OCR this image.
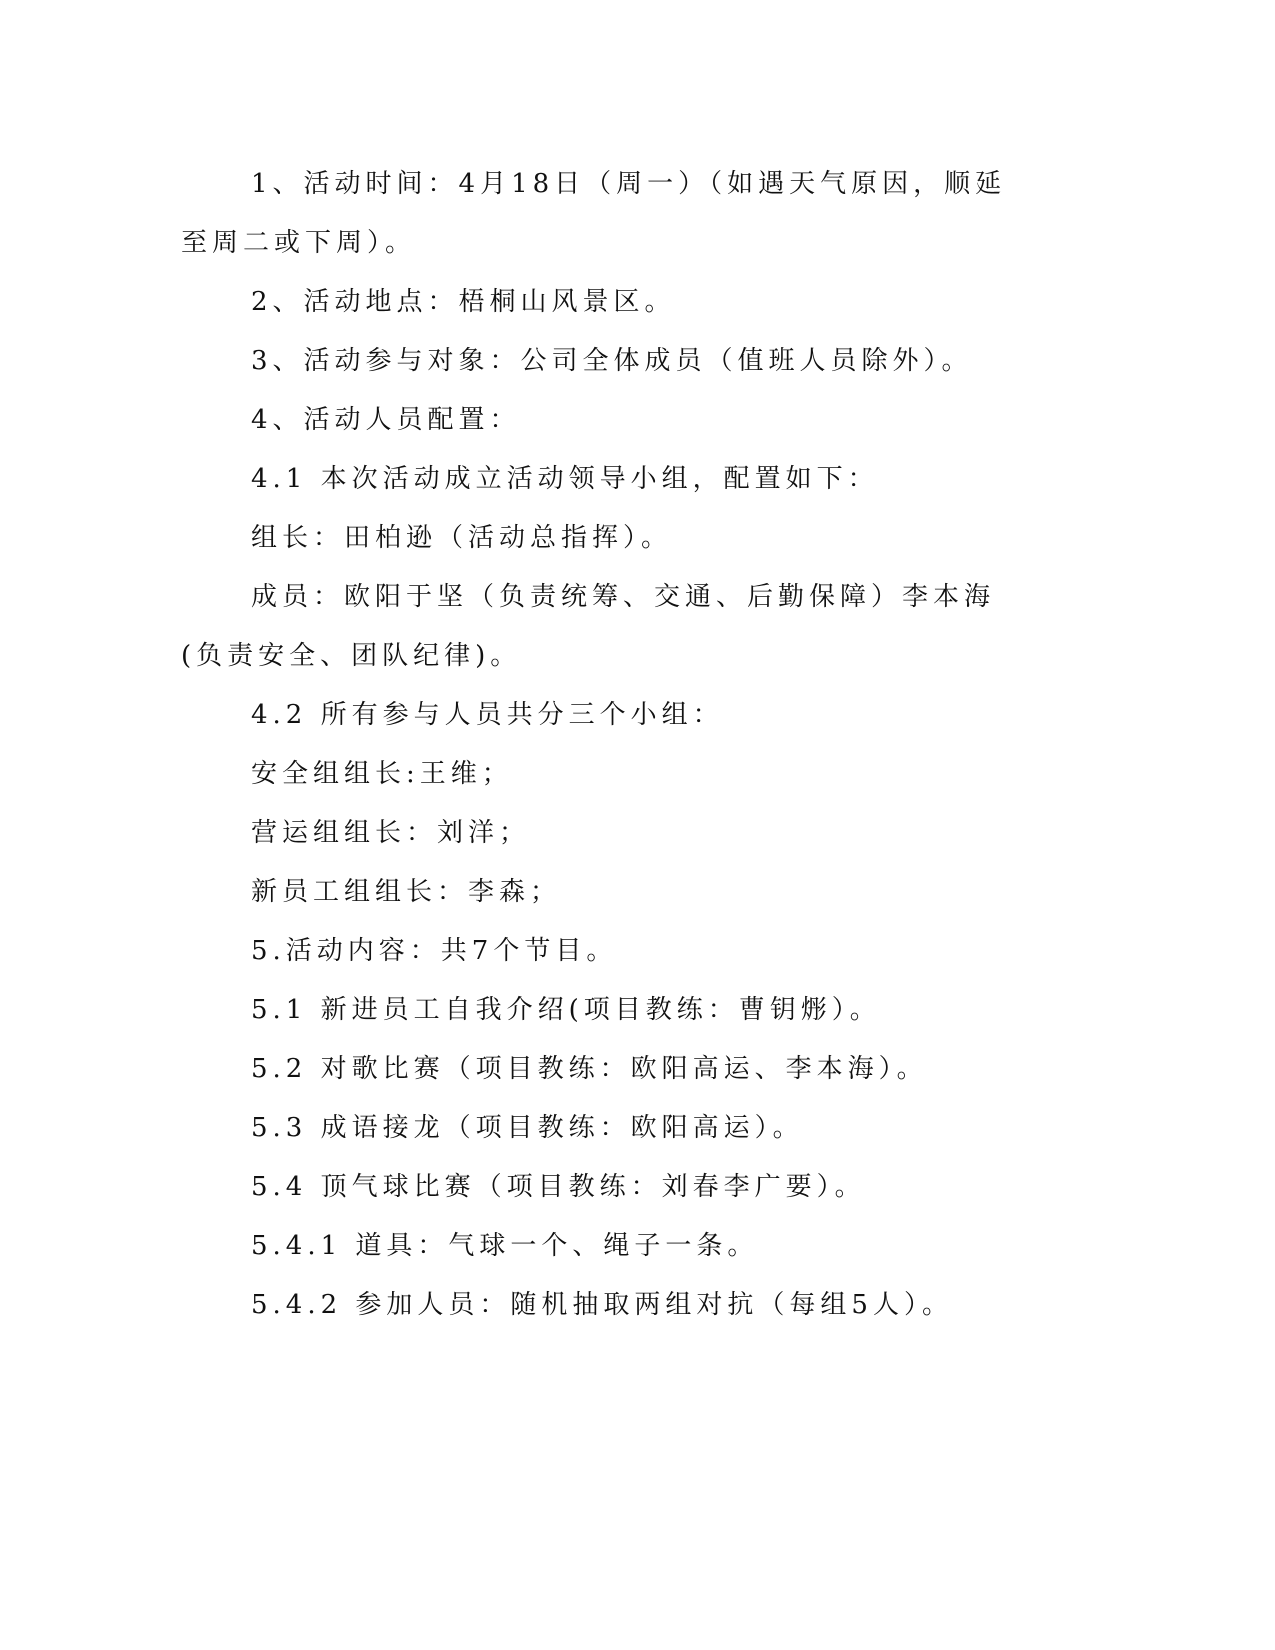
1、活动时间：4月18日（周一）（如遇天气原因，顺延至周二或下周）。

2、活动地点：梧桐山风景区。

3、活动参与对象：公司全体成员（值班人员除外）。

4、活动人员配置：

4.1 本次活动成立活动领导小组，配置如下：

组长：田柏逊（活动总指挥）。

成员：欧阳于坚（负责统筹、交通、后勤保障）李本海(负责安全、团队纪律)。

4.2 所有参与人员共分三个小组：

安全组组长:王维；

营运组组长：刘洋；

新员工组组长：李森；

5.活动内容：共7个节目。

5.1 新进员工自我介绍(项目教练：曹钥烿）。

5.2 对歌比赛（项目教练：欧阳高运、李本海）。

5.3 成语接龙（项目教练：欧阳高运）。

5.4 顶气球比赛（项目教练：刘春李广要）。

5.4.1 道具：气球一个、绳子一条。

5.4.2 参加人员：随机抽取两组对抗（每组5人）。
